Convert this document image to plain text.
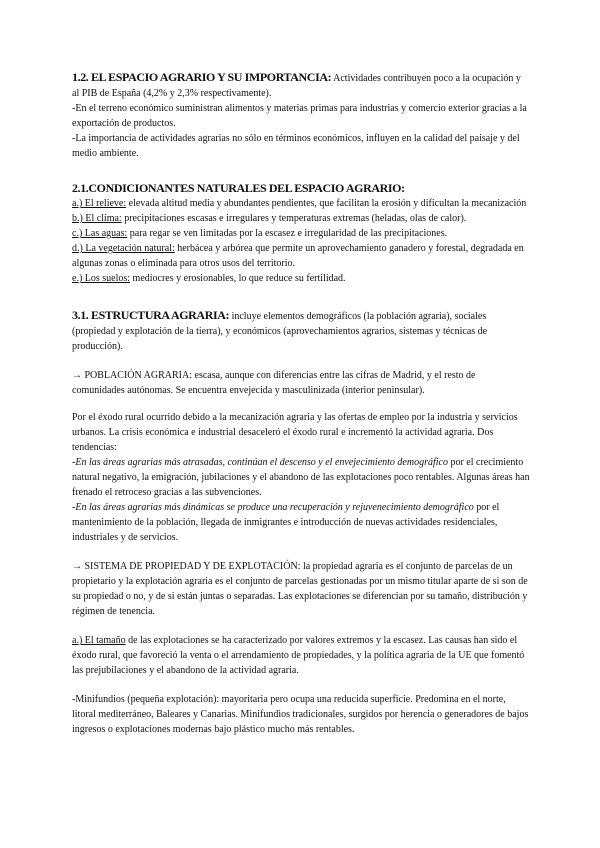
1.2. EL ESPACIO AGRARIO Y SU IMPORTANCIA: Actividades contribuyen poco a la ocupación y al PIB de España (4,2% y 2,3% respectivamente).

-En el terreno económico suministran alimentos y materias primas para industrias y comercio exterior gracias a la exportación de productos.

-La importancia de actividades agrarias no sólo en términos económicos, influyen en la calidad del paisaje y del medio ambiente.

2.1.CONDICIONANTES NATURALES DEL ESPACIO AGRARIO:

a.) El relieve: elevada altitud media y abundantes pendientes, que facilitan la erosión y dificultan la mecanización

b.) El clima: precipitaciones escasas e irregulares y temperaturas extremas (heladas, olas de calor).

c.) Las aguas: para regar se ven limitadas por la escasez e irregularidad de las precipitaciones.

d.) La vegetación natural: herbácea y arbórea que permite un aprovechamiento ganadero y forestal, degradada en algunas zonas o eliminada para otros usos del territorio.

e.) Los suelos: mediocres y erosionables, lo que reduce su fertilidad.

3.1. ESTRUCTURA AGRARIA: incluye elementos demográficos (la población agraria), sociales (propiedad y explotación de la tierra), y económicos (aprovechamientos agrarios, sistemas y técnicas de producción).

→ POBLACIÓN AGRARIA: escasa, aunque con diferencias entre las cifras de Madrid, y el resto de comunidades autónomas. Se encuentra envejecida y masculinizada (interior peninsular).

Por el éxodo rural ocurrido debido a la mecanización agraria y las ofertas de empleo por la industria y servicios urbanos. La crisis económica e industrial desaceleró el éxodo rural e incrementó la actividad agraria. Dos tendencias:

-En las áreas agrarias más atrasadas, continúan el descenso y el envejecimiento demográfico por el crecimiento natural negativo, la emigración, jubilaciones y el abandono de las explotaciones poco rentables. Algunas áreas han frenado el retroceso gracias a las subvenciones.

-En las áreas agrarias más dinámicas se produce una recuperación y rejuvenecimiento demográfico por el mantenimiento de la población, llegada de inmigrantes e introducción de nuevas actividades residenciales, industriales y de servicios.

→ SISTEMA DE PROPIEDAD Y DE EXPLOTACIÓN: la propiedad agraria es el conjunto de parcelas de un propietario y la explotación agraria es el conjunto de parcelas gestionadas por un mismo titular aparte de si son de su propiedad o no, y de si están juntas o separadas. Las explotaciones se diferencian por su tamaño, distribución y régimen de tenencia.

a.) El tamaño de las explotaciones se ha caracterizado por valores extremos y la escasez. Las causas han sido el éxodo rural, que favoreció la venta o el arrendamiento de propiedades, y la política agraria de la UE que fomentó las prejubilaciones y el abandono de la actividad agraria.

-Minifundios (pequeña explotación): mayoritaria pero ocupa una reducida superficie. Predomina en el norte, litoral mediterráneo, Baleares y Canarias. Minifundios tradicionales, surgidos por herencia o generadores de bajos ingresos o explotaciones modernas bajo plástico mucho más rentables.
